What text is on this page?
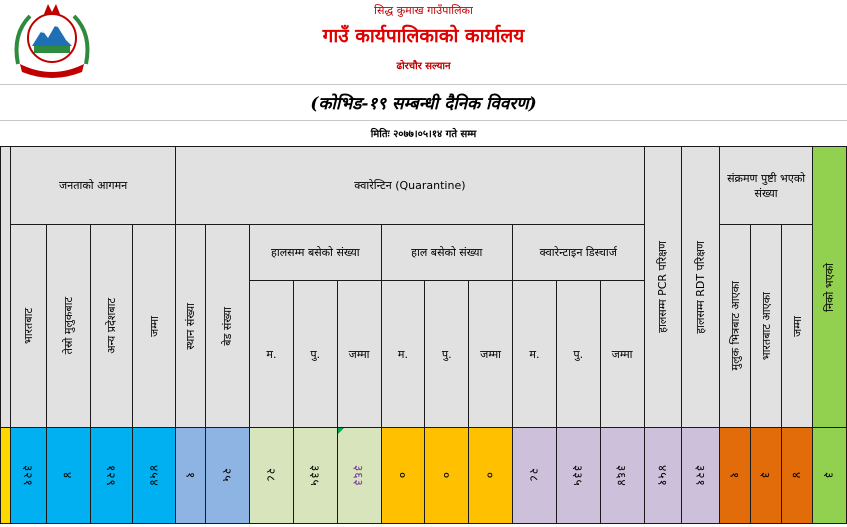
सिद्ध कुमाख गाउँपालिका
गाउँ कार्यपालिकाको कार्यालय
ढोरचौर सल्यान
(कोभिड-१९ सम्बन्धी दैनिक विवरण)
मितिः २०७७।०५।१४ गते सम्म
	जनताको आगमन				क्वारेन्टिन (Quarantine)											हालसम्म PCR परिक्षण	हालसम्म RDT परिक्षण	संक्रमण पुष्टी भएको संख्या			निको भएको

	भारतबाट	तेस्रो मुलुकबाट	अन्य प्रदेशबाट	जम्मा	स्थान संख्या	बेड संख्या	हालसम्म बसेको संख्या			हाल बसेको संख्या			क्वारेन्टाइन डिस्चार्ज					मुलुक भित्रबाट आएका	भारतबाट आएका	जम्मा	

							म.	पु.	जम्मा	म.	पु.	जम्मा	म.	पु.	जम्मा						

	३२१	४	१२९	४५४	१	२५	२८	३३५	३६३	०	०	०	२८	३३५	३६४	४५१	३२१	१	३	४	३
